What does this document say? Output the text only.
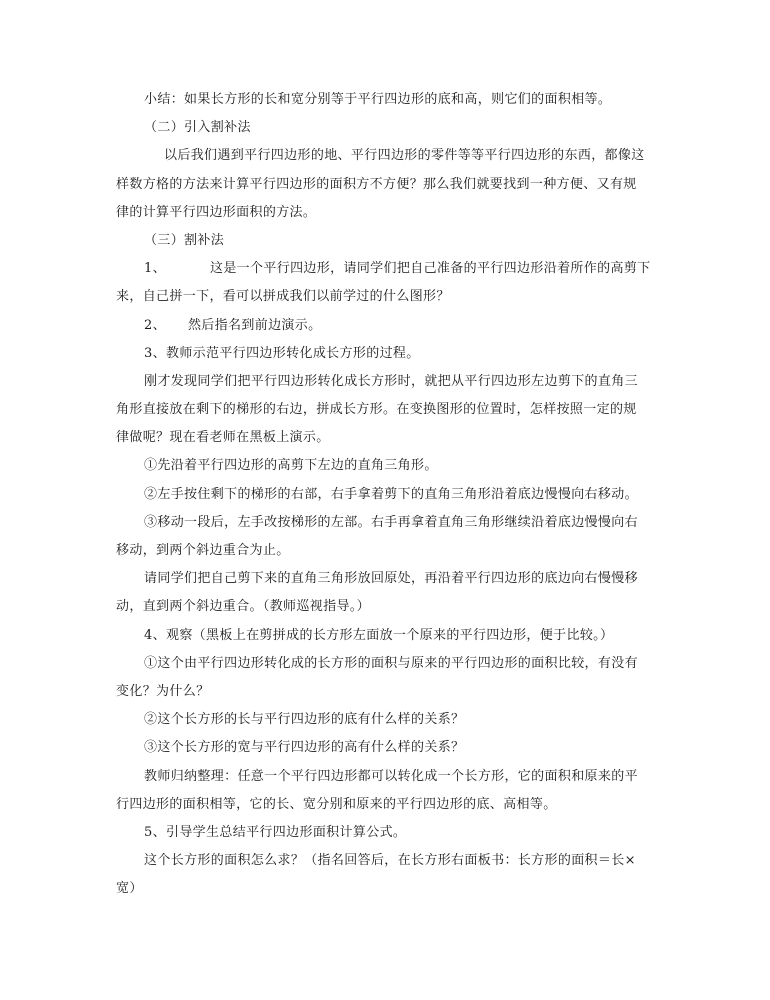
小结：如果长方形的长和宽分别等于平行四边形的底和高，则它们的面积相等。
（二）引入割补法
以后我们遇到平行四边形的地、平行四边形的零件等等平行四边形的东西，都像这
样数方格的方法来计算平行四边形的面积方不方便？那么我们就要找到一种方便、又有规
律的计算平行四边形面积的方法。
（三）割补法
1、	这是一个平行四边形，请同学们把自己准备的平行四边形沿着所作的高剪下
来，自己拼一下，看可以拼成我们以前学过的什么图形？
2、 然后指名到前边演示。
3、教师示范平行四边形转化成长方形的过程。
刚才发现同学们把平行四边形转化成长方形时，就把从平行四边形左边剪下的直角三
角形直接放在剩下的梯形的右边，拼成长方形。在变换图形的位置时，怎样按照一定的规
律做呢？现在看老师在黑板上演示。
①先沿着平行四边形的高剪下左边的直角三角形。
②左手按住剩下的梯形的右部，右手拿着剪下的直角三角形沿着底边慢慢向右移动。
③移动一段后，左手改按梯形的左部。右手再拿着直角三角形继续沿着底边慢慢向右
移动，到两个斜边重合为止。
请同学们把自己剪下来的直角三角形放回原处，再沿着平行四边形的底边向右慢慢移
动，直到两个斜边重合。（教师巡视指导。）
4、观察（黑板上在剪拼成的长方形左面放一个原来的平行四边形，便于比较。）
①这个由平行四边形转化成的长方形的面积与原来的平行四边形的面积比较，有没有
变化？为什么？
②这个长方形的长与平行四边形的底有什么样的关系？
③这个长方形的宽与平行四边形的高有什么样的关系？
教师归纳整理：任意一个平行四边形都可以转化成一个长方形，它的面积和原来的平
行四边形的面积相等，它的长、宽分别和原来的平行四边形的底、高相等。
5、引导学生总结平行四边形面积计算公式。
这个长方形的面积怎么求？（指名回答后，在长方形右面板书：长方形的面积＝长×
宽）
